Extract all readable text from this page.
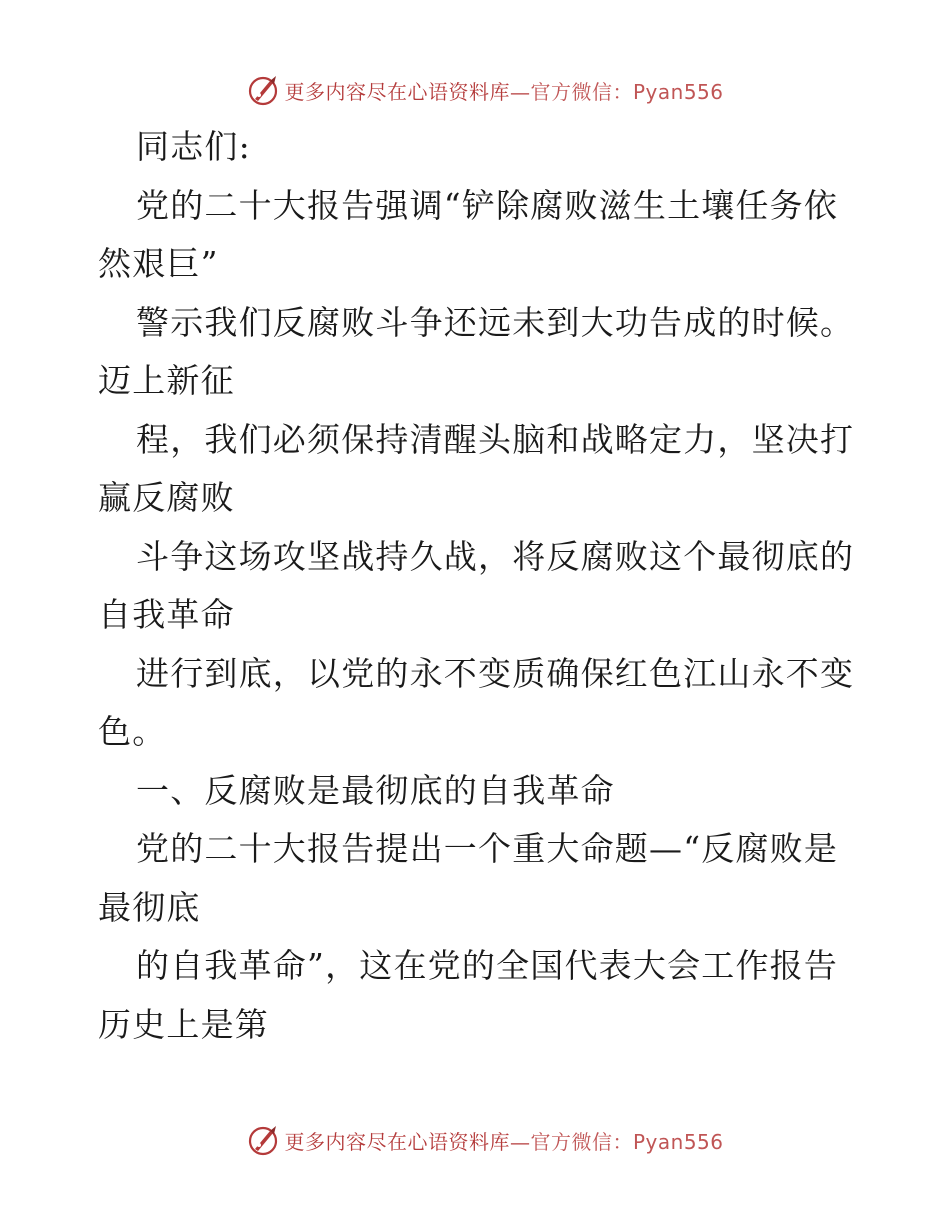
更多内容尽在心语资料库—官方微信：Pyan556
同志们:
党的二十大报告强调“铲除腐败滋生土壤任务依
然艰巨”
警示我们反腐败斗争还远未到大功告成的时候。
迈上新征
程，我们必须保持清醒头脑和战略定力，坚决打
赢反腐败
斗争这场攻坚战持久战，将反腐败这个最彻底的
自我革命
进行到底，以党的永不变质确保红色江山永不变
色。
一、反腐败是最彻底的自我革命
党的二十大报告提出一个重大命题—“反腐败是
最彻底
的自我革命”，这在党的全国代表大会工作报告
历史上是第
更多内容尽在心语资料库—官方微信：Pyan556
